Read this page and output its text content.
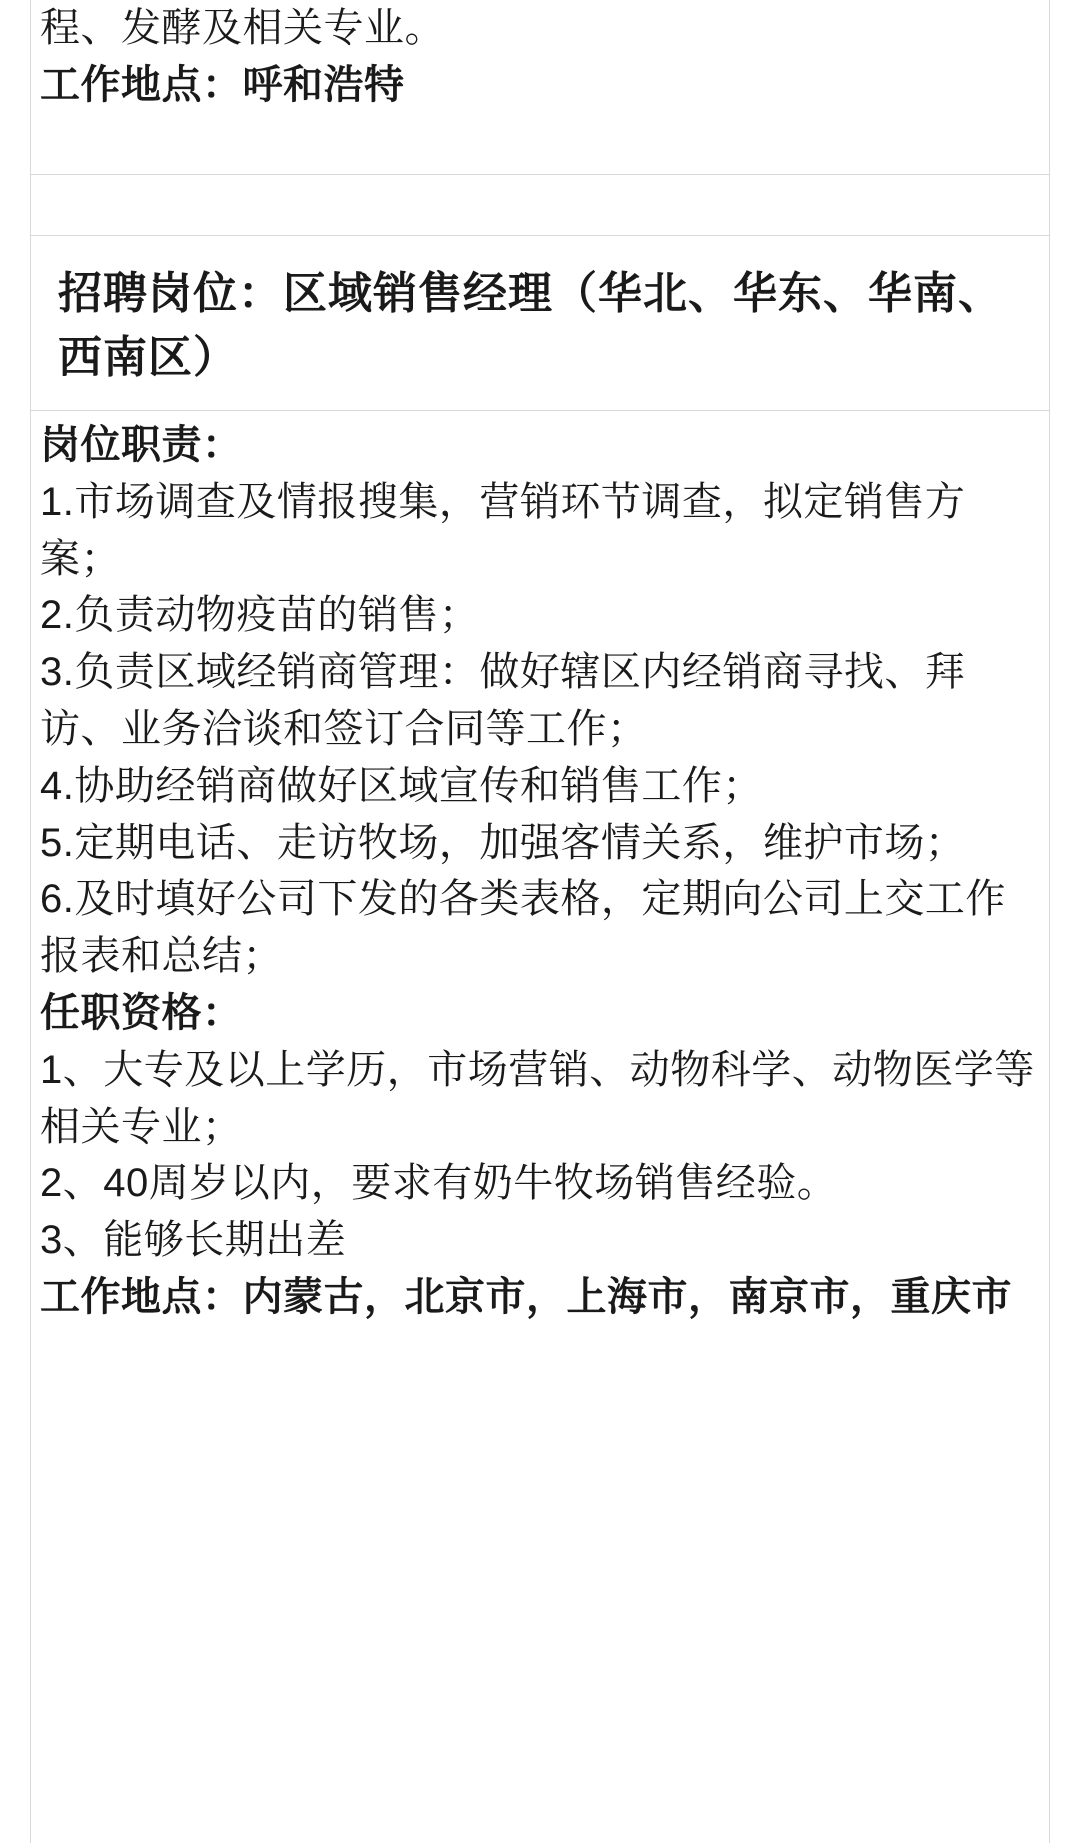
程、发酵及相关专业。

工作地点：呼和浩特

招聘岗位：区域销售经理（华北、华东、华南、西南区）

岗位职责：

1.市场调查及情报搜集，营销环节调查，拟定销售方案；

2.负责动物疫苗的销售；

3.负责区域经销商管理：做好辖区内经销商寻找、拜访、业务洽谈和签订合同等工作；

4.协助经销商做好区域宣传和销售工作；

5.定期电话、走访牧场，加强客情关系，维护市场；

6.及时填好公司下发的各类表格，定期向公司上交工作报表和总结；

任职资格：

1、大专及以上学历，市场营销、动物科学、动物医学等相关专业；

2、40周岁以内，要求有奶牛牧场销售经验。

3、能够长期出差

工作地点：内蒙古，北京市，上海市，南京市，重庆市
